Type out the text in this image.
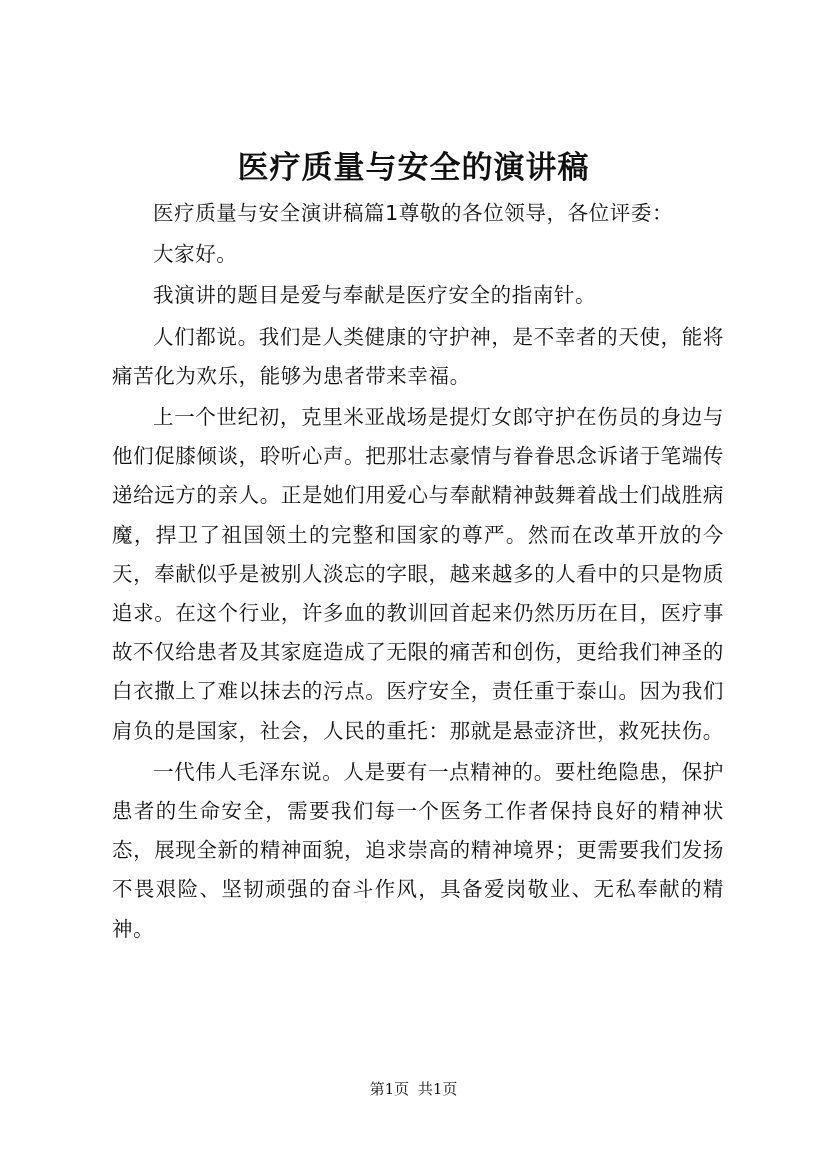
医疗质量与安全的演讲稿

医疗质量与安全演讲稿篇1尊敬的各位领导，各位评委：

大家好。

我演讲的题目是爱与奉献是医疗安全的指南针。

人们都说。我们是人类健康的守护神，是不幸者的天使，能将痛苦化为欢乐，能够为患者带来幸福。

上一个世纪初，克里米亚战场是提灯女郎守护在伤员的身边与他们促膝倾谈，聆听心声。把那壮志豪情与眷眷思念诉诸于笔端传递给远方的亲人。正是她们用爱心与奉献精神鼓舞着战士们战胜病魔，捍卫了祖国领土的完整和国家的尊严。然而在改革开放的今天，奉献似乎是被别人淡忘的字眼，越来越多的人看中的只是物质追求。在这个行业，许多血的教训回首起来仍然历历在目，医疗事故不仅给患者及其家庭造成了无限的痛苦和创伤，更给我们神圣的白衣撒上了难以抹去的污点。医疗安全，责任重于泰山。因为我们肩负的是国家，社会，人民的重托：那就是悬壶济世，救死扶伤。

一代伟人毛泽东说。人是要有一点精神的。要杜绝隐患，保护患者的生命安全，需要我们每一个医务工作者保持良好的精神状态，展现全新的精神面貌，追求崇高的精神境界；更需要我们发扬不畏艰险、坚韧顽强的奋斗作风，具备爱岗敬业、无私奉献的精神。

第1页 共1页
